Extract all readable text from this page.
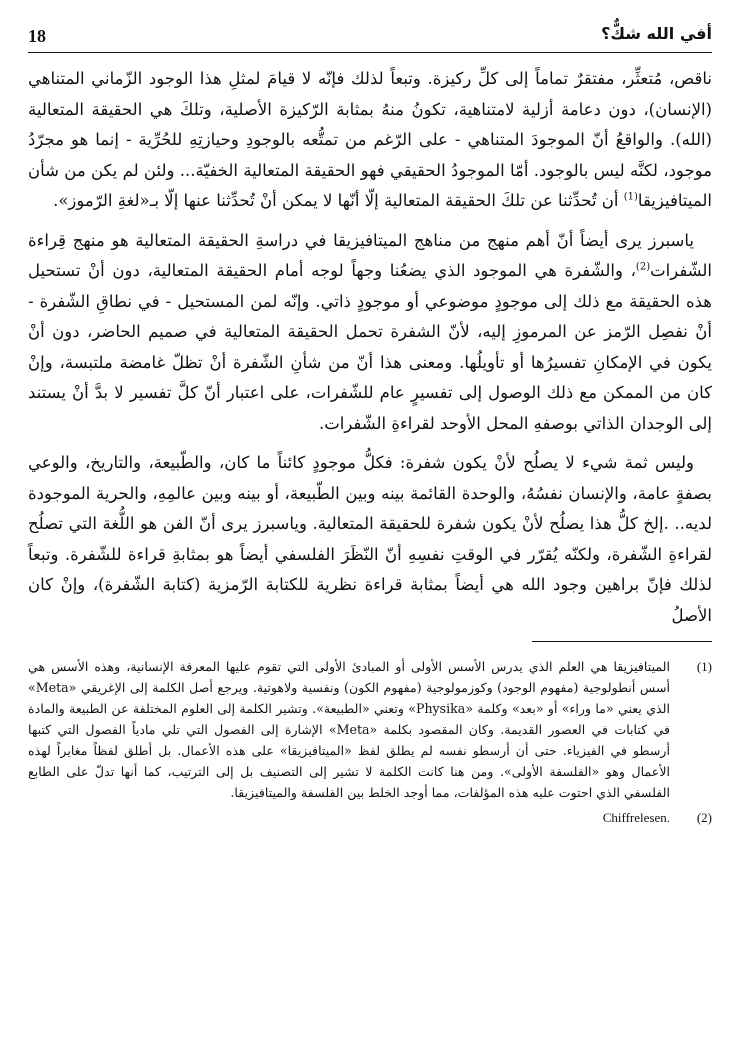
18	أفي الله شكٌّ؟

ناقص، مُتعثِّر، مفتقرٌ تماماً إلى كلِّ ركيزة. وتبعاً لذلك فإنّه لا قيامَ لمثلِ هذا الوجود الزّماني المتناهي (الإنسان)، دون دعامة أزلية لامتناهية، تكونُ منهُ بمثابة الرّكيزة الأصلية، وتلكَ هي الحقيقة المتعالية (الله). والواقعُ أنّ الموجودَ المتناهي - على الرّغم من تمتُّعه بالوجودِ وحيازتِهِ للحُرِّية - إنما هو مجرّدُ موجود، لكنَّه ليس بالوجود. أمّا الموجودُ الحقيقي فهو الحقيقة المتعالية الخفيّة... ولئن لم يكن من شأن الميتافيزيقا$^{(1)}$ أن تُحدِّثنا عن تلكَ الحقيقة المتعالية إلّا أنّها لا يمكن أنْ تُحدِّثنا عنها إلّا بـ«لغةِ الرّموز».

ياسبرز يرى أيضاً أنّ أهم منهج من مناهج الميتافيزيقا في دراسةِ الحقيقة المتعالية هو منهج قِراءة الشّفرات$^{(2)}$، والشّفرة هي الموجود الذي يضعُنا وجهاً لوجه أمام الحقيقة المتعالية، دون أنْ تستحيل هذه الحقيقة مع ذلك إلى موجودٍ موضوعي أو موجودٍ ذاتي. وإنّه لمن المستحيل - في نطاقِ الشّفرة - أنْ نفصِل الرّمز عن المرموزِ إليه، لأنّ الشفرة تحمل الحقيقة المتعالية في صميم الحاضر، دون أنْ يكون في الإمكانِ تفسيرُها أو تأويلُها. ومعنى هذا أنّ من شأنِ الشّفرة أنْ تظلّ غامضة ملتبسة، وإنْ كان من الممكن مع ذلك الوصول إلى تفسيرٍ عام للشّفرات، على اعتبار أنّ كلَّ تفسير لا بدَّ أنْ يستند إلى الوجدان الذاتي بوصفهِ المحل الأوحد لقراءةِ الشّفرات.

وليس ثمة شيء لا يصلُح لأنْ يكون شفرة: فكلُّ موجودٍ كائناً ما كان، والطّبيعة، والتاريخ، والوعي بصفةٍ عامة، والإنسان نفسُهُ، والوحدة القائمة بينه وبين الطّبيعة، أو بينه وبين عالمِهِ، والحرية الموجودة لديه.. .إلخ كلُّ هذا يصلُح لأنْ يكون شفرة للحقيقة المتعالية. وياسبرز يرى أنّ الفن هو اللُّغة التي تصلُح لقراءةِ الشّفرة، ولكنّه يُقرّر في الوقتِ نفسِهِ أنّ النّظَرَ الفلسفي أيضاً هو بمثابةِ قراءة للشّفرة. وتبعاً لذلك فإنّ براهين وجود الله هي أيضاً بمثابة قراءة نظرية للكتابة الرّمزية (كتابة الشّفرة)، وإنْ كان الأصلُ

(1)
الميتافيزيقا هي العلم الذي يدرس الأسس الأولى أو المبادئ الأولى التي تقوم عليها المعرفة الإنسانية، وهذه الأسس هي أسس أنطولوجية (مفهوم الوجود) وكوزمولوجية (مفهوم الكون) ونفسية ولاهوتية. ويرجع أصل الكلمة إلى الإغريقي «Meta» الذي يعني «ما وراء» أو «بعد» وكلمة «Physika» وتعني «الطبيعة». وتشير الكلمة إلى العلوم المختلفة عن الطبيعة والمادة في كتابات في العصور القديمة. وكان المقصود بكلمة «Meta» الإشارة إلى الفصول التي تلي مادياً الفصول التي كتبها أرسطو في الفيزياء. حتى أن أرسطو نفسه لم يطلق لفظ «الميتافيزيقا» على هذه الأعمال. بل أطلق لفظاً مغايراً لهذه الأعمال وهو «الفلسفة الأولى». ومن هنا كانت الكلمة لا تشير إلى التصنيف بل إلى الترتيب، كما أنها تدلّ على الطابع الفلسفي الذي احتوت عليه هذه المؤلفات، مما أوجد الخلط بين الفلسفة والميتافيزيقا.
(2)
Chiffrelesen.
